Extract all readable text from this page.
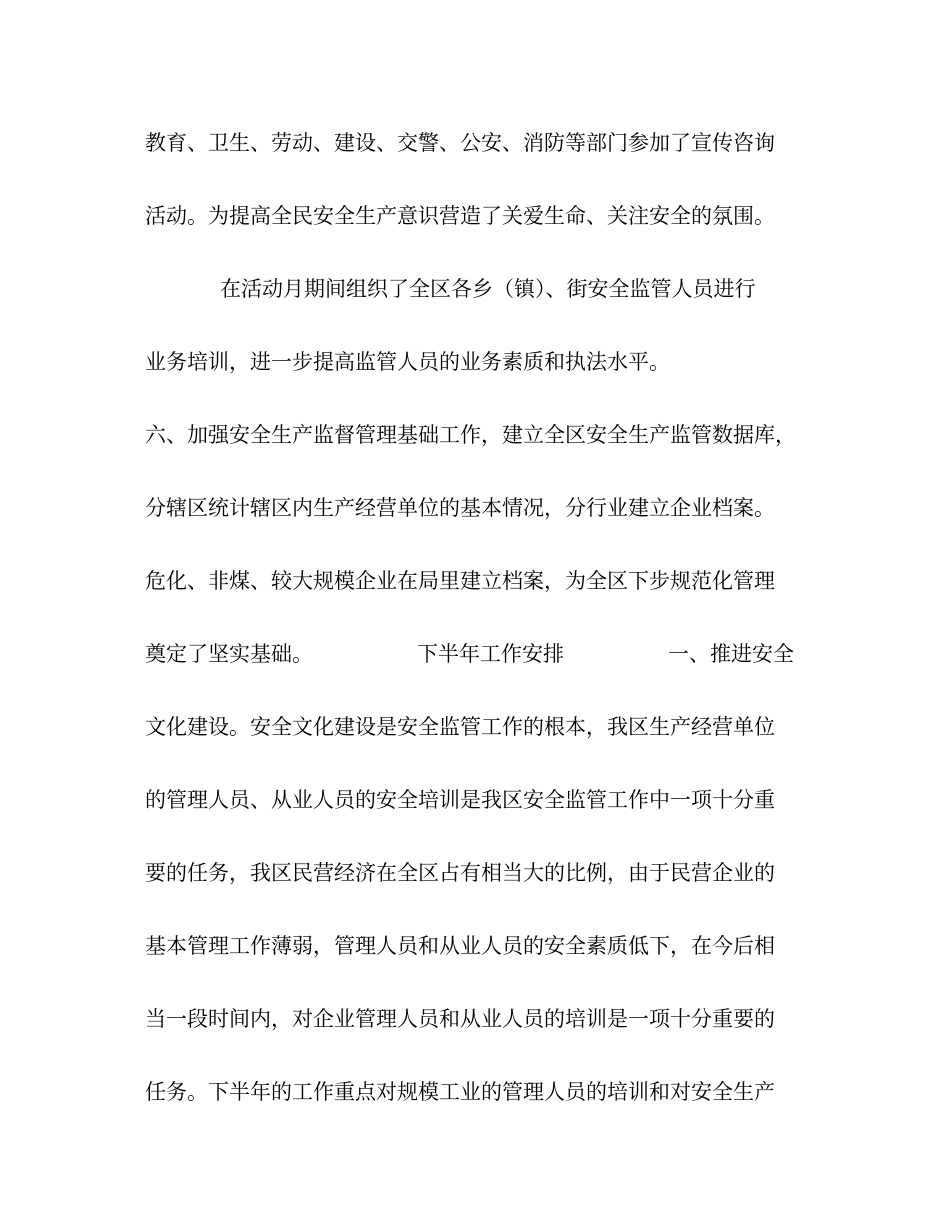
教育、卫生、劳动、建设、交警、公安、消防等部门参加了宣传咨询

活动。为提高全民安全生产意识营造了关爱生命、关注安全的氛围。

在活动月期间组织了全区各乡（镇）、街安全监管人员进行

业务培训，进一步提高监管人员的业务素质和执法水平。

六、加强安全生产监督管理基础工作，建立全区安全生产监管数据库，

分辖区统计辖区内生产经营单位的基本情况，分行业建立企业档案。

危化、非煤、较大规模企业在局里建立档案，为全区下步规范化管理

奠定了坚实基础。	下半年工作安排	一、推进安全

文化建设。安全文化建设是安全监管工作的根本，我区生产经营单位

的管理人员、从业人员的安全培训是我区安全监管工作中一项十分重

要的任务，我区民营经济在全区占有相当大的比例，由于民营企业的

基本管理工作薄弱，管理人员和从业人员的安全素质低下，在今后相

当一段时间内，对企业管理人员和从业人员的培训是一项十分重要的

任务。下半年的工作重点对规模工业的管理人员的培训和对安全生产
